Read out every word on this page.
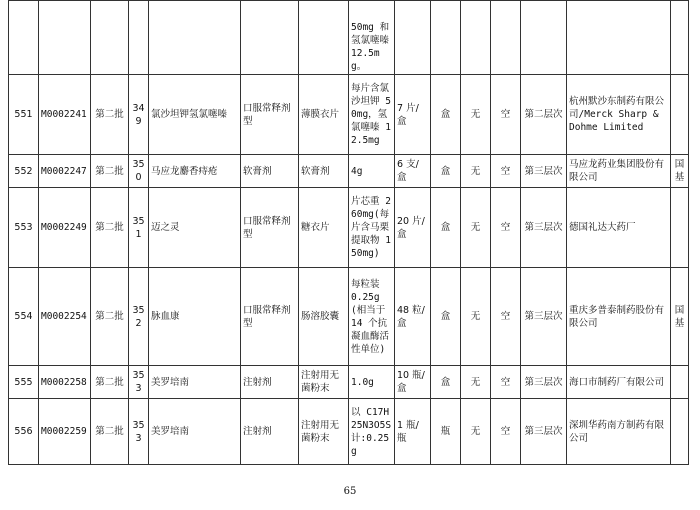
							50mg 和氢氯噻嗪 12.5mg。							
551	M0002241	第二批	349	氯沙坦钾氢氯噻嗪	口服常释剂型	薄膜衣片	每片含氯沙坦钾 50mg，氢氯噻嗪 12.5mg	7 片/盒	盒	无	空	第二层次	杭州默沙东制药有限公司/Merck Sharp & Dohme Limited	
552	M0002247	第二批	350	马应龙麝香痔疮	软膏剂	软膏剂	4g	6 支/盒	盒	无	空	第三层次	马应龙药业集团股份有限公司	国基
553	M0002249	第二批	351	迈之灵	口服常释剂型	糖衣片	片芯重 260mg(每片含马栗提取物 150mg)	20 片/盒	盒	无	空	第三层次	德国礼达大药厂	
554	M0002254	第二批	352	脉血康	口服常释剂型	肠溶胶囊	每粒装 0.25g(相当于 14 个抗凝血酶活性单位)	48 粒/盒	盒	无	空	第三层次	重庆多普泰制药股份有限公司	国基
555	M0002258	第二批	353	美罗培南	注射剂	注射用无菌粉末	1.0g	10 瓶/盒	盒	无	空	第三层次	海口市制药厂有限公司	
556	M0002259	第二批	353	美罗培南	注射剂	注射用无菌粉末	以 C17H25N3O5S 计:0.25g	1 瓶/瓶	瓶	无	空	第三层次	深圳华药南方制药有限公司	
65
